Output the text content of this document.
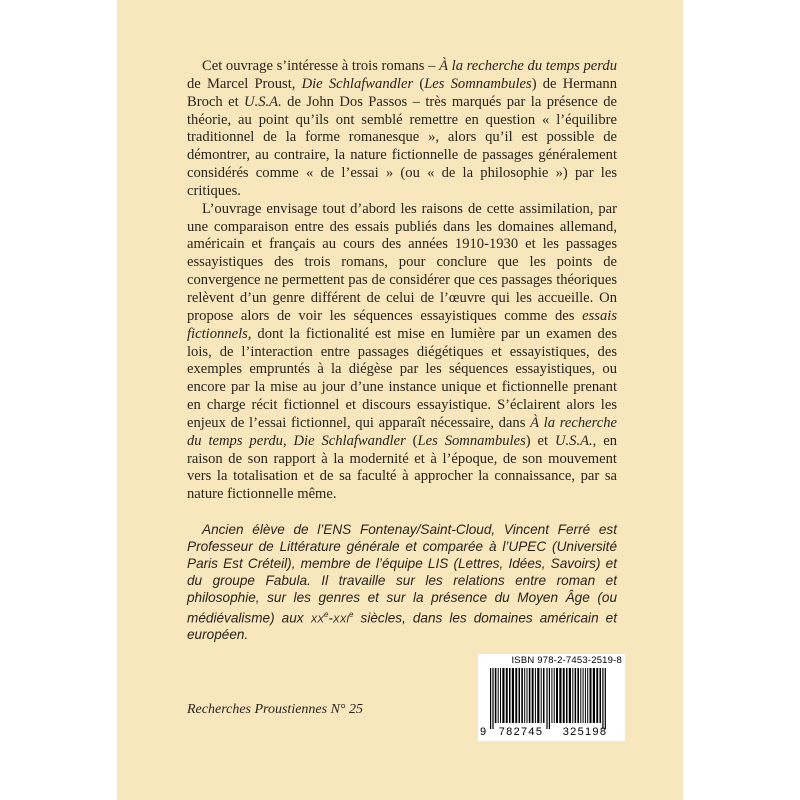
Cet ouvrage s’intéresse à trois romans – À la recherche du temps perdu de Marcel Proust, Die Schlafwandler (Les Somnambules) de Hermann Broch et U.S.A. de John Dos Passos – très marqués par la présence de théorie, au point qu’ils ont semblé remettre en question « l’équilibre traditionnel de la forme romanesque », alors qu’il est possible de démontrer, au contraire, la nature fictionnelle de passages généralement considérés comme « de l’essai » (ou « de la philosophie ») par les critiques.

L’ouvrage envisage tout d’abord les raisons de cette assimilation, par une comparaison entre des essais publiés dans les domaines allemand, américain et français au cours des années 1910-1930 et les passages essayistiques des trois romans, pour conclure que les points de convergence ne permettent pas de considérer que ces passages théoriques relèvent d’un genre différent de celui de l’œuvre qui les accueille. On propose alors de voir les séquences essayistiques comme des essais fictionnels, dont la fictionalité est mise en lumière par un examen des lois, de l’interaction entre passages diégétiques et essayistiques, des exemples empruntés à la diégèse par les séquences essayistiques, ou encore par la mise au jour d’une instance unique et fictionnelle prenant en charge récit fictionnel et discours essayistique. S’éclairent alors les enjeux de l’essai fictionnel, qui apparaît nécessaire, dans À la recherche du temps perdu, Die Schlafwandler (Les Somnambules) et U.S.A., en raison de son rapport à la modernité et à l’époque, de son mouvement vers la totalisation et de sa faculté à approcher la connaissance, par sa nature fictionnelle même.

Ancien élève de l’ENS Fontenay/Saint-Cloud, Vincent Ferré est Professeur de Littérature générale et comparée à l’UPEC (Université Paris Est Créteil), membre de l’équipe LIS (Lettres, Idées, Savoirs) et du groupe Fabula. Il travaille sur les relations entre roman et philosophie, sur les genres et sur la présence du Moyen Âge (ou médiévalisme) aux $xx^e-xxi^e$ siècles, dans les domaines américain et européen.

Recherches Proustiennes N° 25
ISBN 978-2-7453-2519-8
9	782745	325198
